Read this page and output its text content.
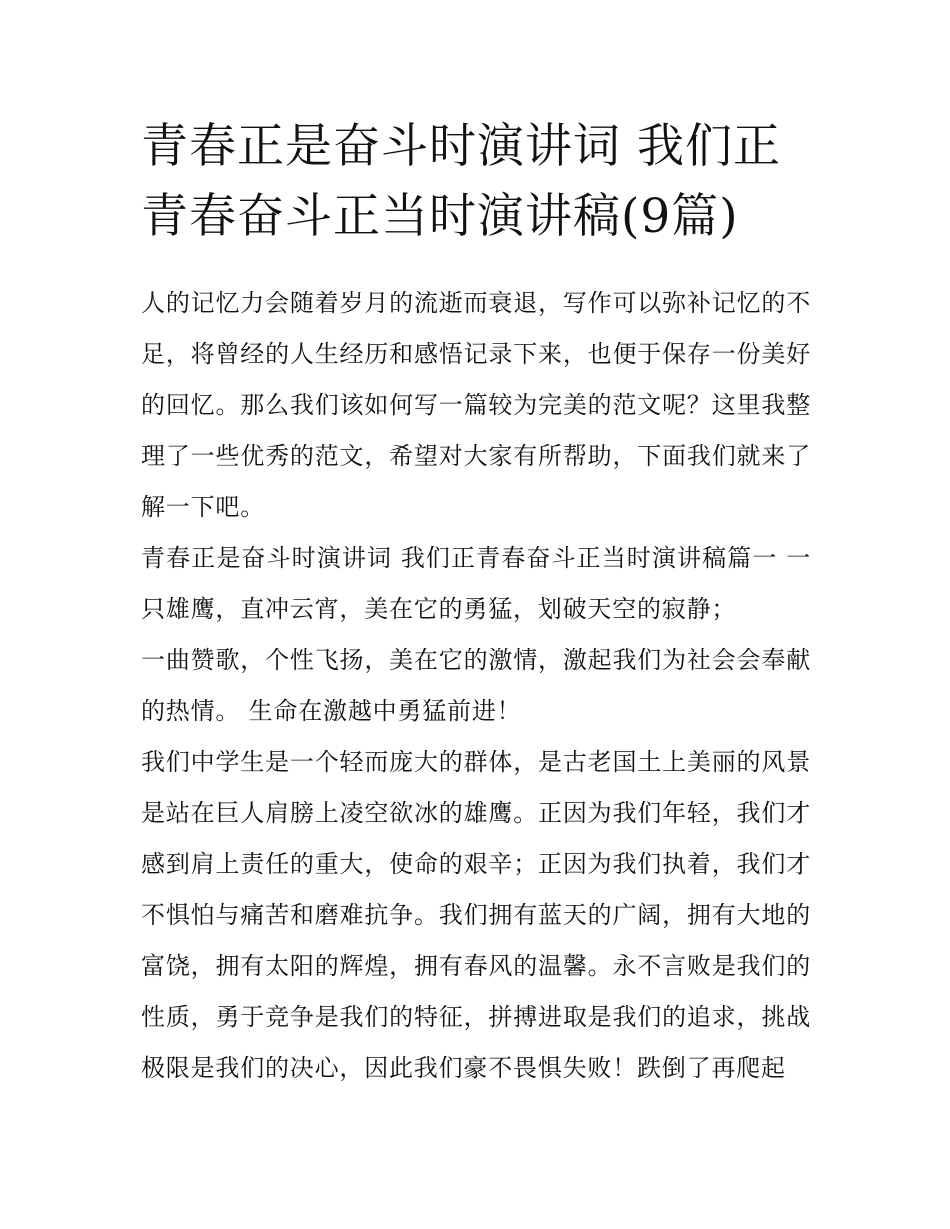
青春正是奋斗时演讲词 我们正青春奋斗正当时演讲稿(9篇)

人的记忆力会随着岁月的流逝而衰退，写作可以弥补记忆的不足，将曾经的人生经历和感悟记录下来，也便于保存一份美好的回忆。那么我们该如何写一篇较为完美的范文呢？这里我整理了一些优秀的范文，希望对大家有所帮助，下面我们就来了解一下吧。

青春正是奋斗时演讲词 我们正青春奋斗正当时演讲稿篇一 一只雄鹰，直冲云宵，美在它的勇猛，划破天空的寂静；

一曲赞歌，个性飞扬，美在它的激情，激起我们为社会会奉献的热情。 生命在激越中勇猛前进！

我们中学生是一个轻而庞大的群体，是古老国土上美丽的风景是站在巨人肩膀上凌空欲冰的雄鹰。正因为我们年轻，我们才感到肩上责任的重大，使命的艰辛；正因为我们执着，我们才不惧怕与痛苦和磨难抗争。我们拥有蓝天的广阔，拥有大地的富饶，拥有太阳的辉煌，拥有春风的温馨。永不言败是我们的性质，勇于竞争是我们的特征，拼搏进取是我们的追求，挑战极限是我们的决心，因此我们豪不畏惧失败！跌倒了再爬起
